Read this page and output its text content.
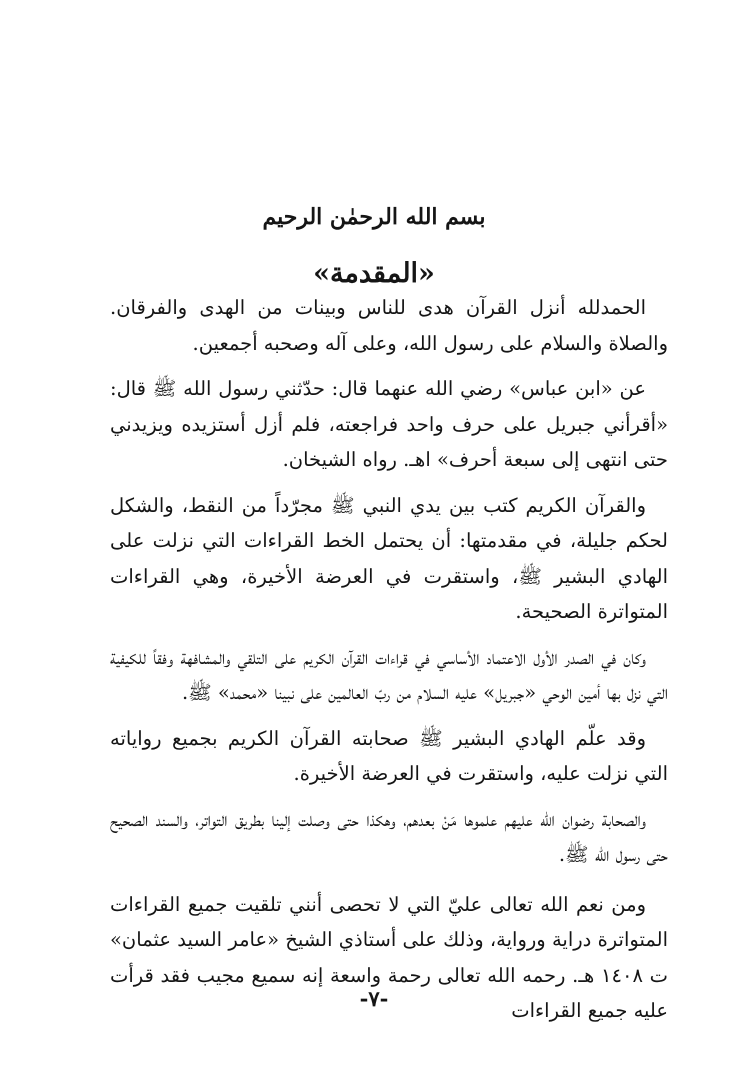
بسم الله الرحمٰن الرحيم
«المقدمة»

الحمدلله أنزل القرآن هدى للناس وبينات من الهدى والفرقان. والصلاة والسلام على رسول الله، وعلى آله وصحبه أجمعين.

عن «ابن عباس» رضي الله عنهما قال: حدّثني رسول الله ﷺ قال: «أقرأني جبريل على حرف واحد فراجعته، فلم أزل أستزيده ويزيدني حتى انتهى إلى سبعة أحرف» اهـ. رواه الشيخان.

والقرآن الكريم كتب بين يدي النبي ﷺ مجرّداً من النقط، والشكل لحكم جليلة، في مقدمتها: أن يحتمل الخط القراءات التي نزلت على الهادي البشير ﷺ، واستقرت في العرضة الأخيرة، وهي القراءات المتواترة الصحيحة.

وكان في الصدر الأول الاعتماد الأساسي في قراءات القرآن الكريم على التلقي والمشافهة وفقاً للكيفية التي نزل بها أمين الوحي «جبريل» عليه السلام من ربّ العالمين على نبينا «محمد» ﷺ.

وقد علّم الهادي البشير ﷺ صحابته القرآن الكريم بجميع رواياته التي نزلت عليه، واستقرت في العرضة الأخيرة.

والصحابة رضوان الله عليهم علموها مَنْ بعدهم، وهكذا حتى وصلت إلينا بطريق التواتر، والسند الصحيح حتى رسول الله ﷺ.

ومن نعم الله تعالى عليّ التي لا تحصى أنني تلقيت جميع القراءات المتواترة دراية ورواية، وذلك على أستاذي الشيخ «عامر السيد عثمان» ت ١٤٠٨ هـ. رحمه الله تعالى رحمة واسعة إنه سميع مجيب فقد قرأت عليه جميع القراءات

-٧-
